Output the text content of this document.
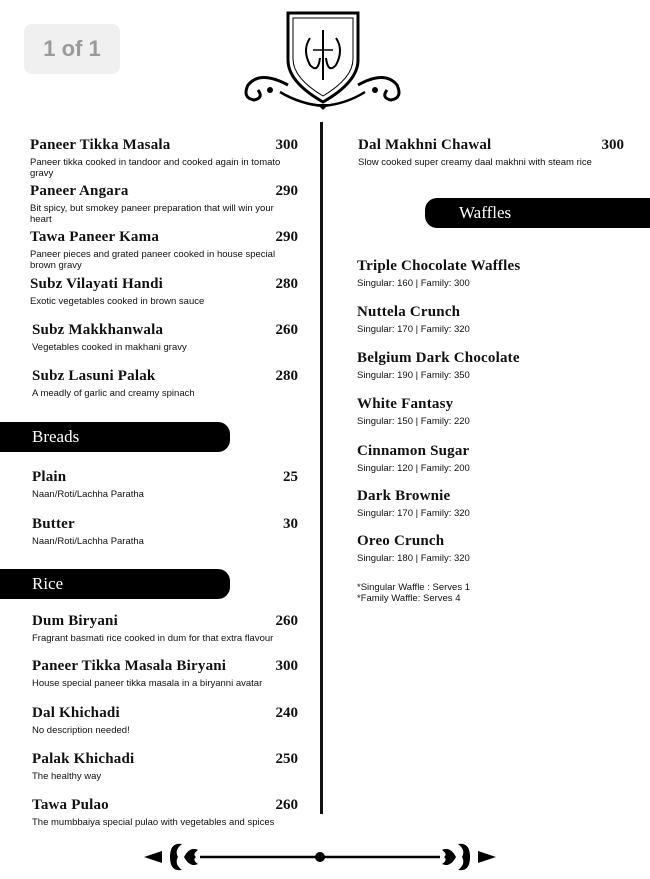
1 of 1
Paneer Tikka Masala	300
Paneer tikka cooked in tandoor and cooked again in tomato gravy
Paneer Angara	290
Bit spicy, but smokey paneer preparation that will win your heart
Tawa Paneer Kama	290
Paneer pieces and grated paneer cooked in house special brown gravy
Subz Vilayati Handi	280
Exotic vegetables cooked in brown sauce
Subz Makkhanwala	260
Vegetables cooked in makhani gravy
Subz Lasuni Palak	280
A meadly of garlic and creamy spinach
Breads
Plain	25
Naan/Roti/Lachha Paratha
Butter	30
Naan/Roti/Lachha Paratha
Rice
Dum Biryani	260
Fragrant basmati rice cooked in dum for that extra flavour
Paneer Tikka Masala Biryani	300
House special paneer tikka masala in a biryanni avatar
Dal Khichadi	240
No description needed!
Palak Khichadi	250
The healthy way
Tawa Pulao	260
The mumbbaiya special pulao with vegetables and spices
Dal Makhni Chawal	300
Slow cooked super creamy daal makhni with steam rice
Waffles
Triple Chocolate Waffles
Singular: 160 | Family: 300
Nuttela Crunch
Singular: 170 | Family: 320
Belgium Dark Chocolate
Singular: 190 | Family: 350
White Fantasy
Singular: 150 | Family: 220
Cinnamon Sugar
Singular: 120 | Family: 200
Dark Brownie
Singular: 170 | Family: 320
Oreo Crunch
Singular: 180 | Family: 320
*Singular Waffle : Serves 1
*Family Waffle: Serves 4
